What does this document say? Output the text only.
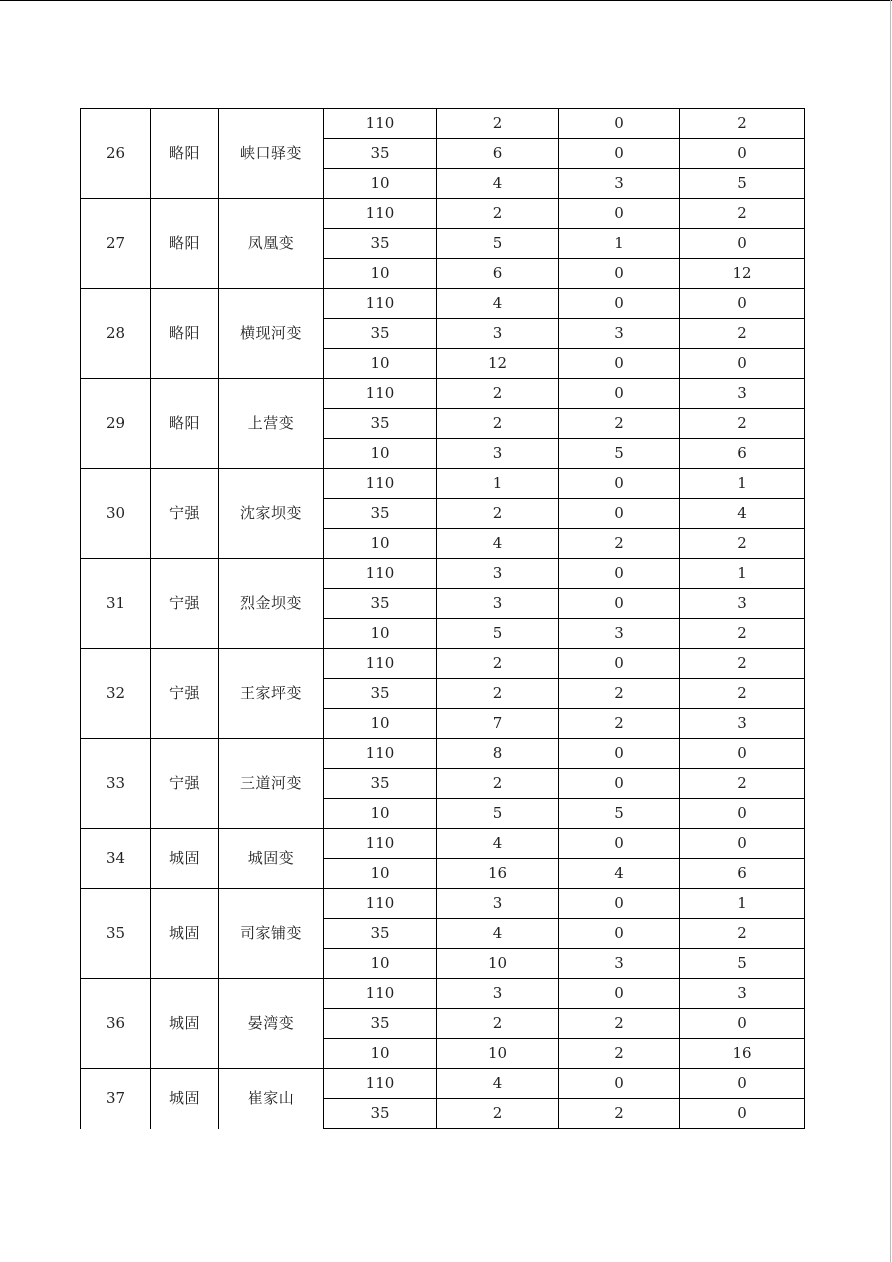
26	略阳	峡口驿变	110	2	0	2
			35	6	0	0
			10	4	3	5
27	略阳	凤凰变	110	2	0	2
			35	5	1	0
			10	6	0	12
28	略阳	横现河变	110	4	0	0
			35	3	3	2
			10	12	0	0
29	略阳	上营变	110	2	0	3
			35	2	2	2
			10	3	5	6
30	宁强	沈家坝变	110	1	0	1
			35	2	0	4
			10	4	2	2
31	宁强	烈金坝变	110	3	0	1
			35	3	0	3
			10	5	3	2
32	宁强	王家坪变	110	2	0	2
			35	2	2	2
			10	7	2	3
33	宁强	三道河变	110	8	0	0
			35	2	0	2
			10	5	5	0
34	城固	城固变	110	4	0	0
			10	16	4	6
35	城固	司家铺变	110	3	0	1
			35	4	0	2
			10	10	3	5
36	城固	晏湾变	110	3	0	3
			35	2	2	0
			10	10	2	16
37	城固	崔家山	110	4	0	0
			35	2	2	0
